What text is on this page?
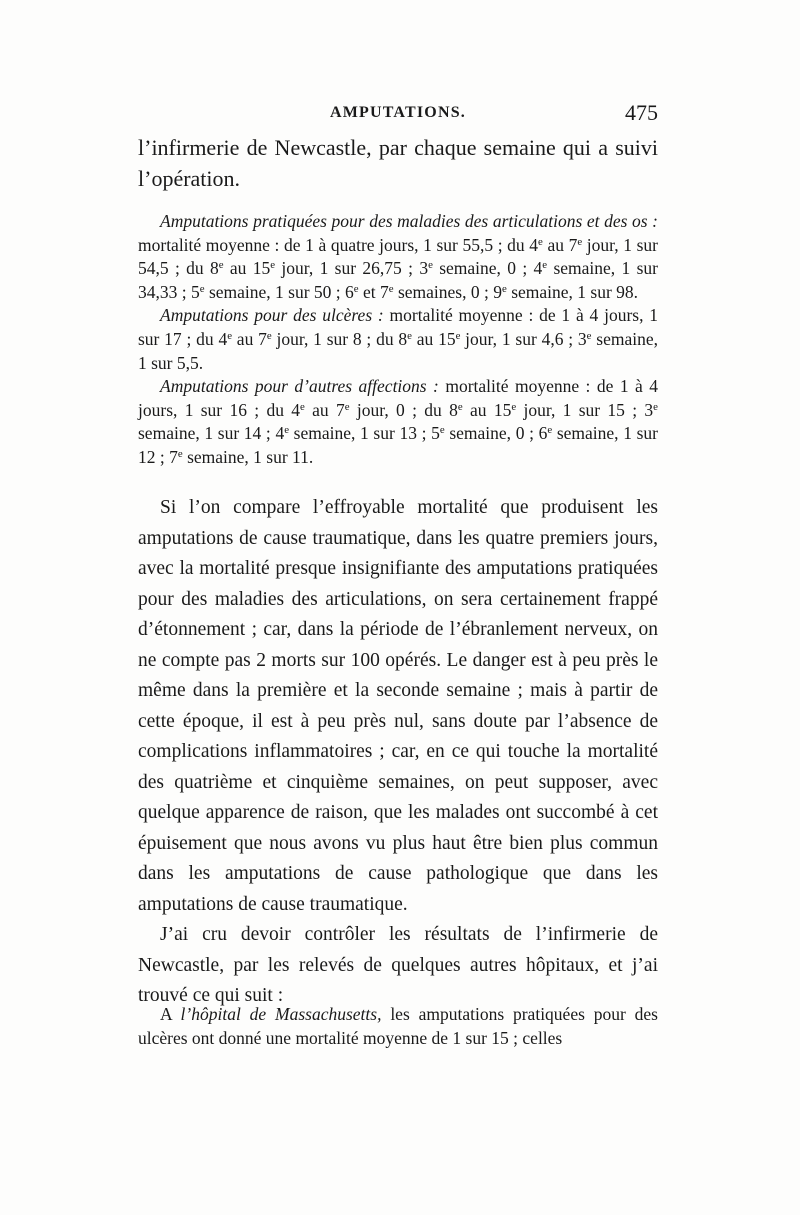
AMPUTATIONS.	475
l’infirmerie de Newcastle, par chaque semaine qui a suivi l’opération.

Amputations pratiquées pour des maladies des articulations et des os : mortalité moyenne : de 1 à quatre jours, 1 sur 55,5 ; du 4e au 7e jour, 1 sur 54,5 ; du 8e au 15e jour, 1 sur 26,75 ; 3e semaine, 0 ; 4e semaine, 1 sur 34,33 ; 5e semaine, 1 sur 50 ; 6e et 7e semaines, 0 ; 9e semaine, 1 sur 98.

Amputations pour des ulcères : mortalité moyenne : de 1 à 4 jours, 1 sur 17 ; du 4e au 7e jour, 1 sur 8 ; du 8e au 15e jour, 1 sur 4,6 ; 3e semaine, 1 sur 5,5.

Amputations pour d’autres affections : mortalité moyenne : de 1 à 4 jours, 1 sur 16 ; du 4e au 7e jour, 0 ; du 8e au 15e jour, 1 sur 15 ; 3e semaine, 1 sur 14 ; 4e semaine, 1 sur 13 ; 5e semaine, 0 ; 6e semaine, 1 sur 12 ; 7e semaine, 1 sur 11.

Si l’on compare l’effroyable mortalité que produisent les amputations de cause traumatique, dans les quatre premiers jours, avec la mortalité presque insignifiante des amputations pratiquées pour des maladies des articulations, on sera certainement frappé d’étonnement ; car, dans la période de l’ébranlement nerveux, on ne compte pas 2 morts sur 100 opérés. Le danger est à peu près le même dans la première et la seconde semaine ; mais à partir de cette époque, il est à peu près nul, sans doute par l’absence de complications inflammatoires ; car, en ce qui touche la mortalité des quatrième et cinquième semaines, on peut supposer, avec quelque apparence de raison, que les malades ont succombé à cet épuisement que nous avons vu plus haut être bien plus commun dans les amputations de cause pathologique que dans les amputations de cause traumatique.

J’ai cru devoir contrôler les résultats de l’infirmerie de Newcastle, par les relevés de quelques autres hôpitaux, et j’ai trouvé ce qui suit :

A l’hôpital de Massachusetts, les amputations pratiquées pour des ulcères ont donné une mortalité moyenne de 1 sur 15 ; celles
